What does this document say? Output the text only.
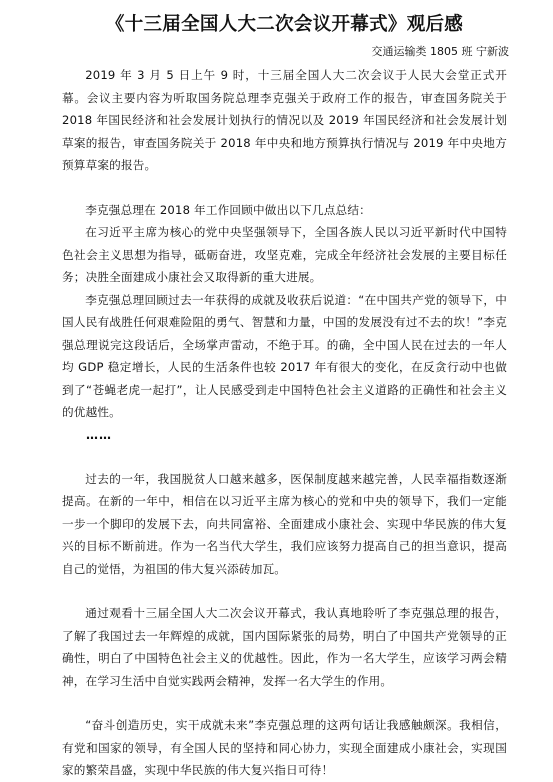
《十三届全国人大二次会议开幕式》观后感
交通运输类 1805 班 宁新波

2019 年 3 月 5 日上午 9 时，十三届全国人大二次会议于人民大会堂正式开幕。会议主要内容为听取国务院总理李克强关于政府工作的报告，审查国务院关于 2018 年国民经济和社会发展计划执行的情况以及 2019 年国民经济和社会发展计划草案的报告，审查国务院关于 2018 年中央和地方预算执行情况与 2019 年中央地方预算草案的报告。

李克强总理在 2018 年工作回顾中做出以下几点总结：

在习近平主席为核心的党中央坚强领导下，全国各族人民以习近平新时代中国特色社会主义思想为指导，砥砺奋进，攻坚克难，完成全年经济社会发展的主要目标任务；决胜全面建成小康社会又取得新的重大进展。

李克强总理回顾过去一年获得的成就及收获后说道：“在中国共产党的领导下，中国人民有战胜任何艰难险阻的勇气、智慧和力量，中国的发展没有过不去的坎！”李克强总理说完这段话后，全场掌声雷动，不绝于耳。的确，全中国人民在过去的一年人均 GDP 稳定增长，人民的生活条件也较 2017 年有很大的变化，在反贪行动中也做到了“苍蝇老虎一起打”，让人民感受到走中国特色社会主义道路的正确性和社会主义的优越性。

……

过去的一年，我国脱贫人口越来越多，医保制度越来越完善，人民幸福指数逐渐提高。在新的一年中，相信在以习近平主席为核心的党和中央的领导下，我们一定能一步一个脚印的发展下去，向共同富裕、全面建成小康社会、实现中华民族的伟大复兴的目标不断前进。作为一名当代大学生，我们应该努力提高自己的担当意识，提高自己的觉悟，为祖国的伟大复兴添砖加瓦。

通过观看十三届全国人大二次会议开幕式，我认真地聆听了李克强总理的报告，了解了我国过去一年辉煌的成就，国内国际紧张的局势，明白了中国共产党领导的正确性，明白了中国特色社会主义的优越性。因此，作为一名大学生，应该学习两会精神，在学习生活中自觉实践两会精神，发挥一名大学生的作用。

“奋斗创造历史，实干成就未来”李克强总理的这两句话让我感触颇深。我相信，有党和国家的领导，有全国人民的坚持和同心协力，实现全面建成小康社会，实现国家的繁荣昌盛，实现中华民族的伟大复兴指日可待！
